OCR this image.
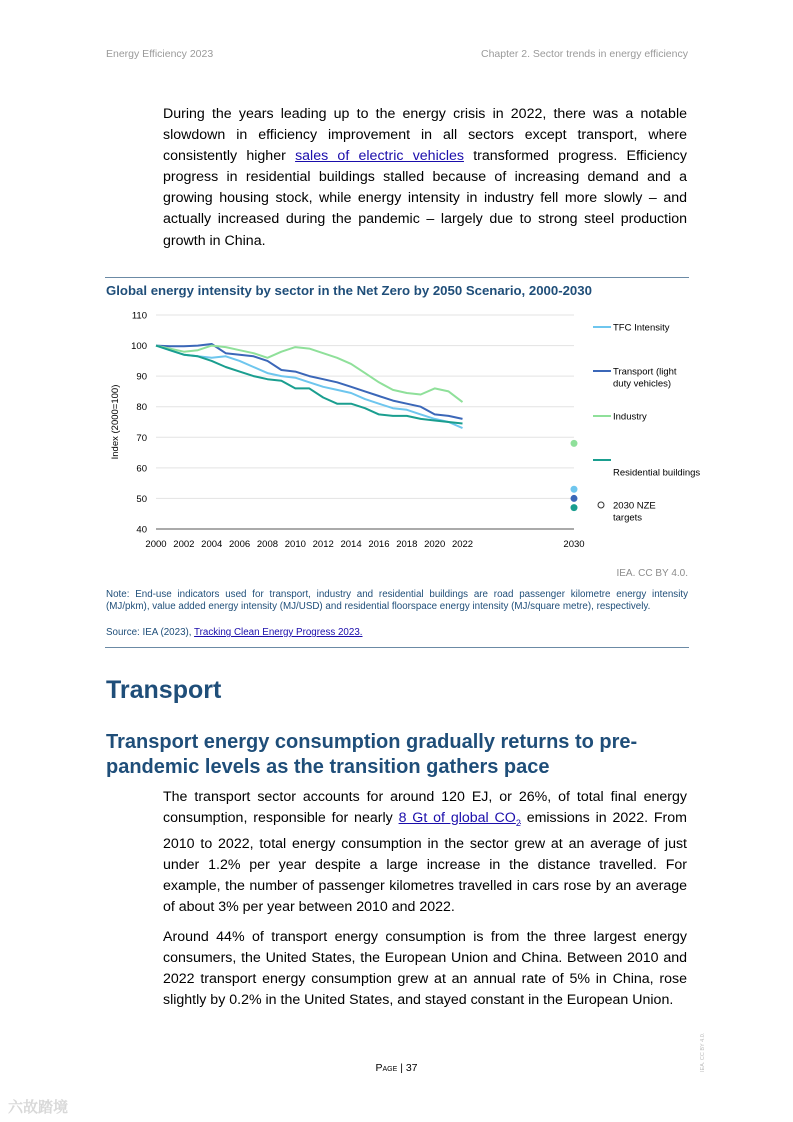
Energy Efficiency 2023	Chapter 2. Sector trends in energy efficiency

During the years leading up to the energy crisis in 2022, there was a notable slowdown in efficiency improvement in all sectors except transport, where consistently higher sales of electric vehicles transformed progress. Efficiency progress in residential buildings stalled because of increasing demand and a growing housing stock, while energy intensity in industry fell more slowly – and actually increased during the pandemic – largely due to strong steel production growth in China.

Global energy intensity by sector in the Net Zero by 2050 Scenario, 2000-2030
40
50
60
70
80
90
100
110
2000 2002 2004 2006 2008 2010 2012 2014 2016 2018 2020 2022	2030
Index (2000=100)
TFC Intensity
Transport (light
duty vehicles)
Industry
Residential buildings
2030 NZE
targets
IEA. CC BY 4.0.

Note: End-use indicators used for transport, industry and residential buildings are road passenger kilometre energy intensity (MJ/pkm), value added energy intensity (MJ/USD) and residential floorspace energy intensity (MJ/square metre), respectively.

Source: IEA (2023), Tracking Clean Energy Progress 2023.
Transport
Transport energy consumption gradually returns to pre-pandemic levels as the transition gathers pace

The transport sector accounts for around 120 EJ, or 26%, of total final energy consumption, responsible for nearly 8 Gt of global $CO_2$ emissions in 2022. From 2010 to 2022, total energy consumption in the sector grew at an average of just under 1.2% per year despite a large increase in the distance travelled. For example, the number of passenger kilometres travelled in cars rose by an average of about 3% per year between 2010 and 2022.

Around 44% of transport energy consumption is from the three largest energy consumers, the United States, the European Union and China. Between 2010 and 2022 transport energy consumption grew at an annual rate of 5% in China, rose slightly by 0.2% in the United States, and stayed constant in the European Union.

Page | 37	IEA. CC BY 4.0.
六故踏境
